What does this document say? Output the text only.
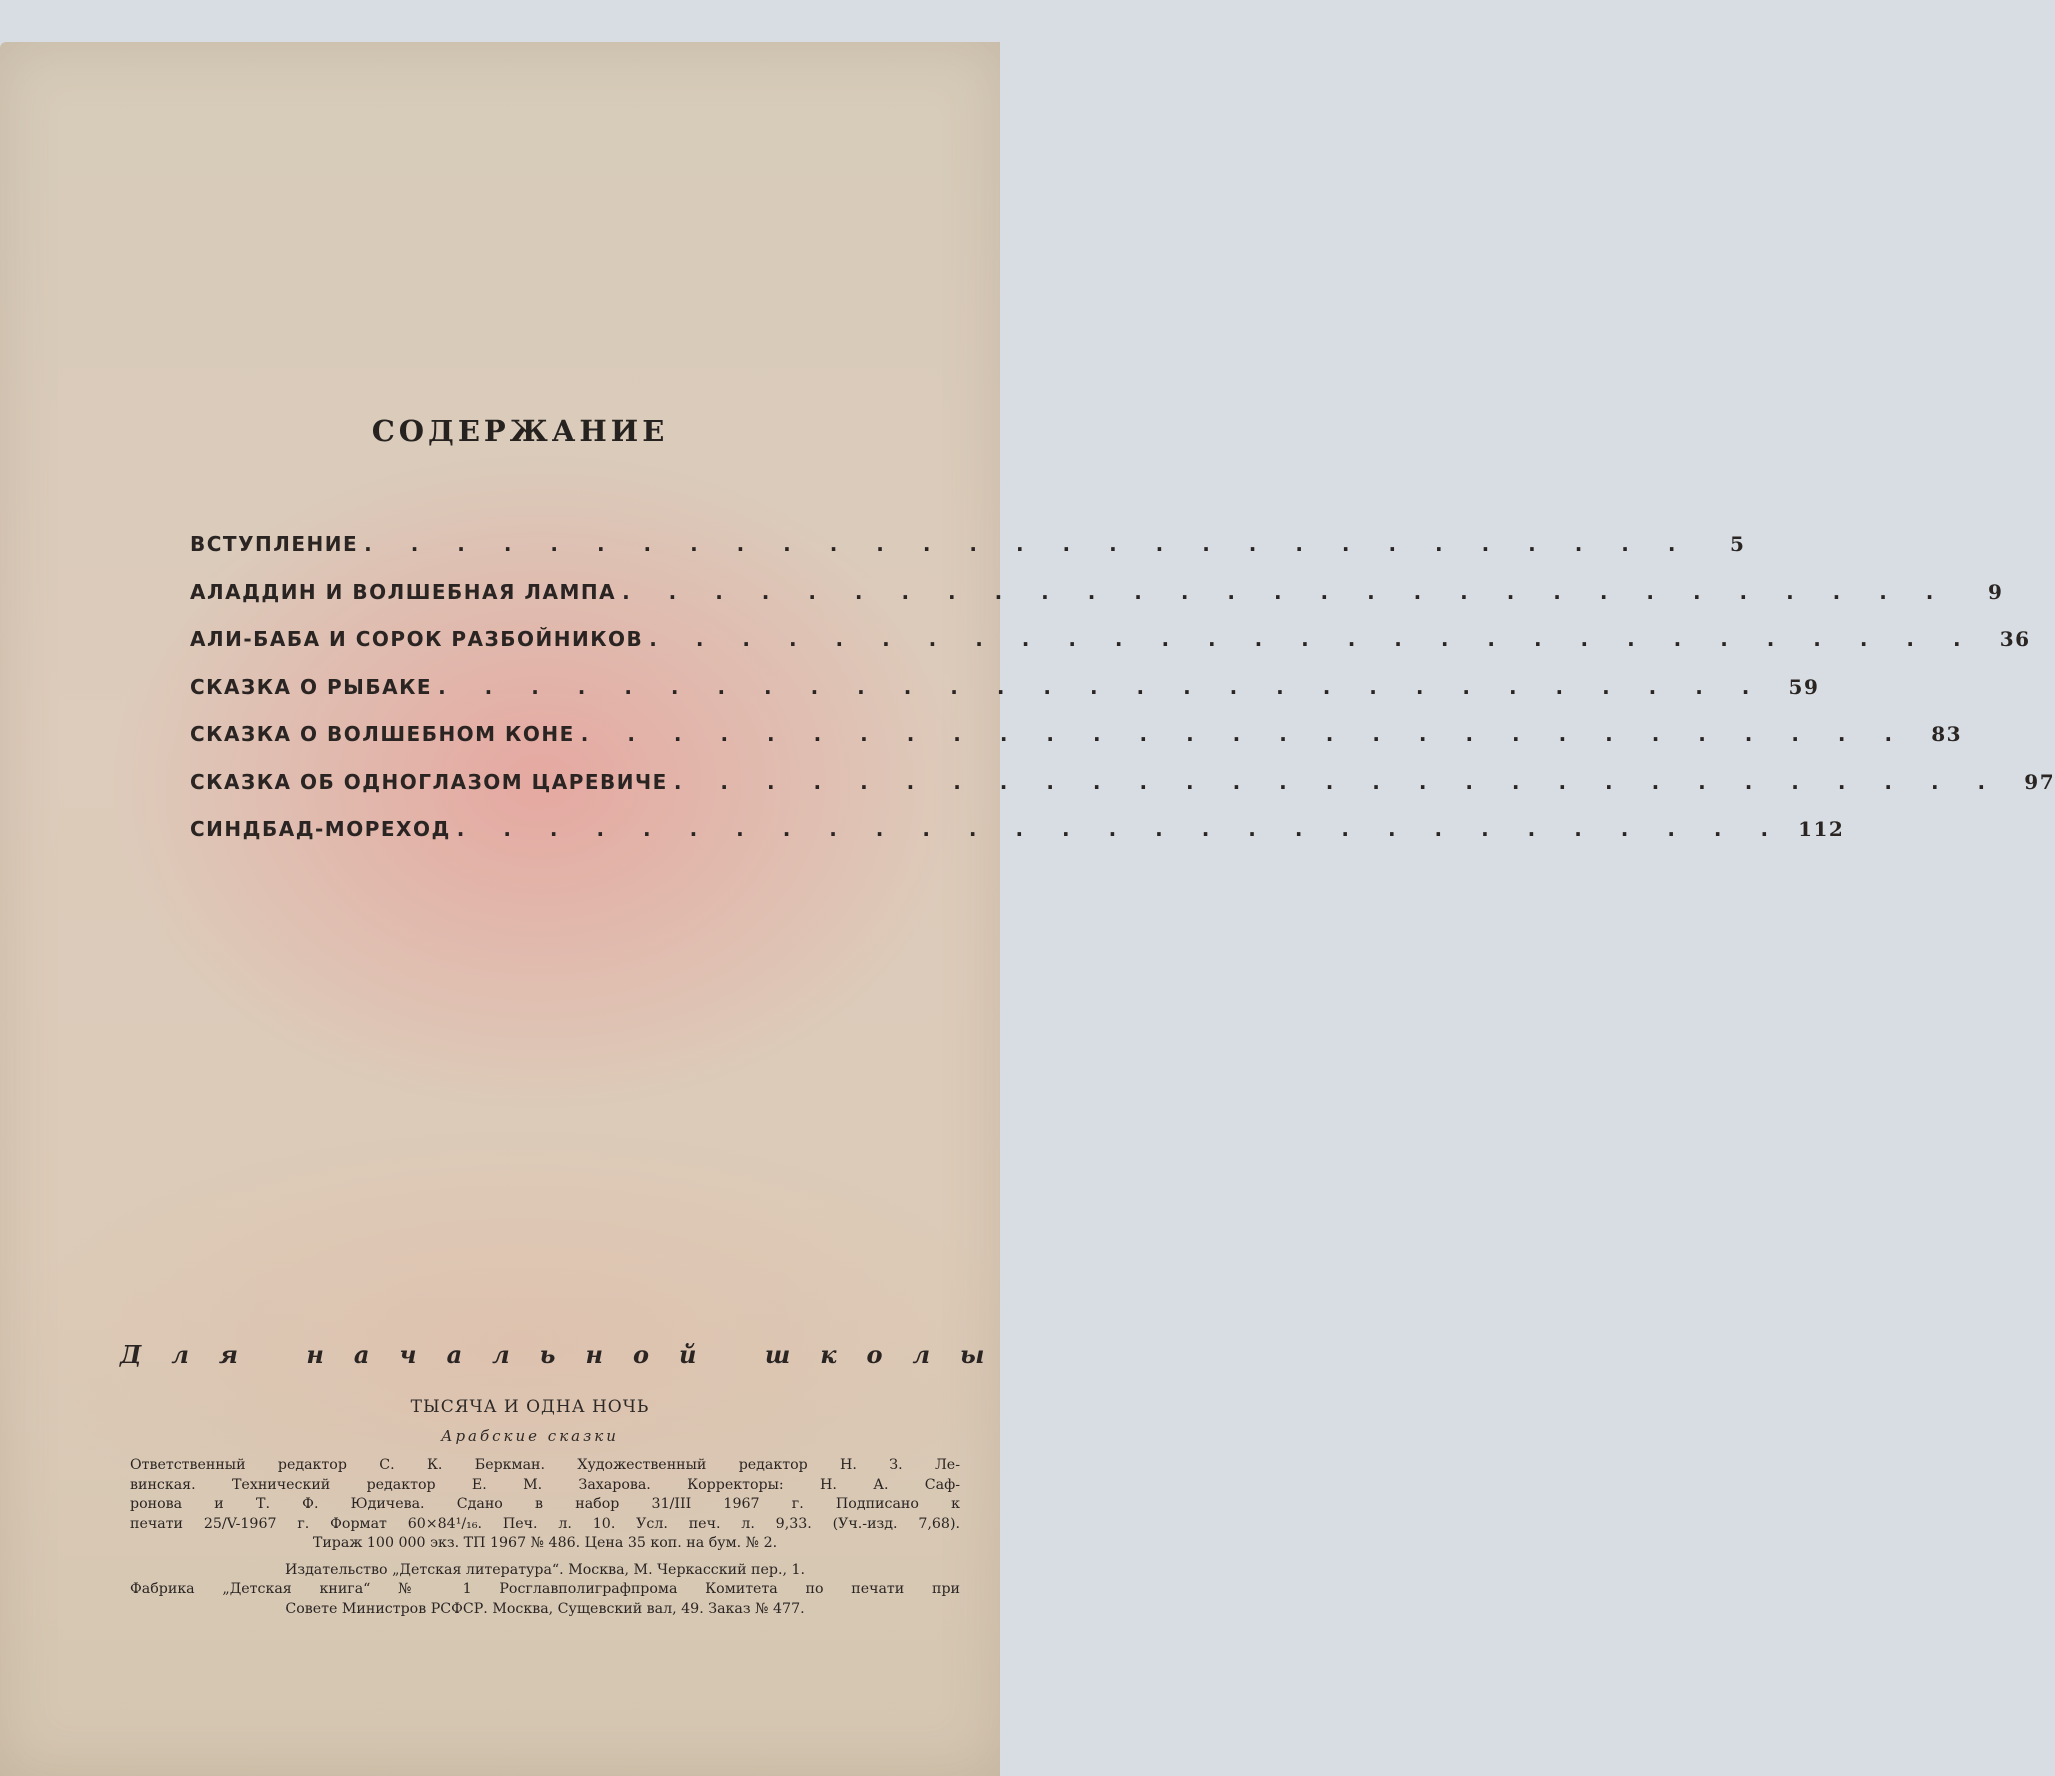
СОДЕРЖАНИЕ
ВСТУПЛЕНИЕ . . . . . . . . . . . . . . . . . . . . . . . . . . . . .	5
АЛАДДИН И ВОЛШЕБНАЯ ЛАМПА . . . . . . . . . . . . . . . . . . . . . . . . . . . . .	9
АЛИ-БАБА И СОРОК РАЗБОЙНИКОВ . . . . . . . . . . . . . . . . . . . . . . . . . . . . .	36
СКАЗКА О РЫБАКЕ . . . . . . . . . . . . . . . . . . . . . . . . . . . . .	59
СКАЗКА О ВОЛШЕБНОМ КОНЕ . . . . . . . . . . . . . . . . . . . . . . . . . . . . .	83
СКАЗКА ОБ ОДНОГЛАЗОМ ЦАРЕВИЧЕ . . . . . . . . . . . . . . . . . . . . . . . . . . . . .	97
СИНДБАД-МОРЕХОД . . . . . . . . . . . . . . . . . . . . . . . . . . . . . 112

Для начальной школы

ТЫСЯЧА И ОДНА НОЧЬ
Арабские сказки
Ответственный редактор С. К. Беркман. Художественный редактор Н. З. Ле-
винская. Технический редактор Е. М. Захарова. Корректоры: Н. А. Саф-
ронова и Т. Ф. Юдичева. Сдано в набор 31/III 1967 г. Подписано к
печати 25/V-1967 г. Формат 60×84¹/₁₆. Печ. л. 10. Усл. печ. л. 9,33. (Уч.-изд. 7,68).
Тираж 100 000 экз. ТП 1967 № 486. Цена 35 коп. на бум. № 2.
Издательство „Детская литература“. Москва, М. Черкасский пер., 1.
Фабрика „Детская книга“ № 1 Росглавполиграфпрома Комитета по печати при
Совете Министров РСФСР. Москва, Сущевский вал, 49. Заказ № 477.
